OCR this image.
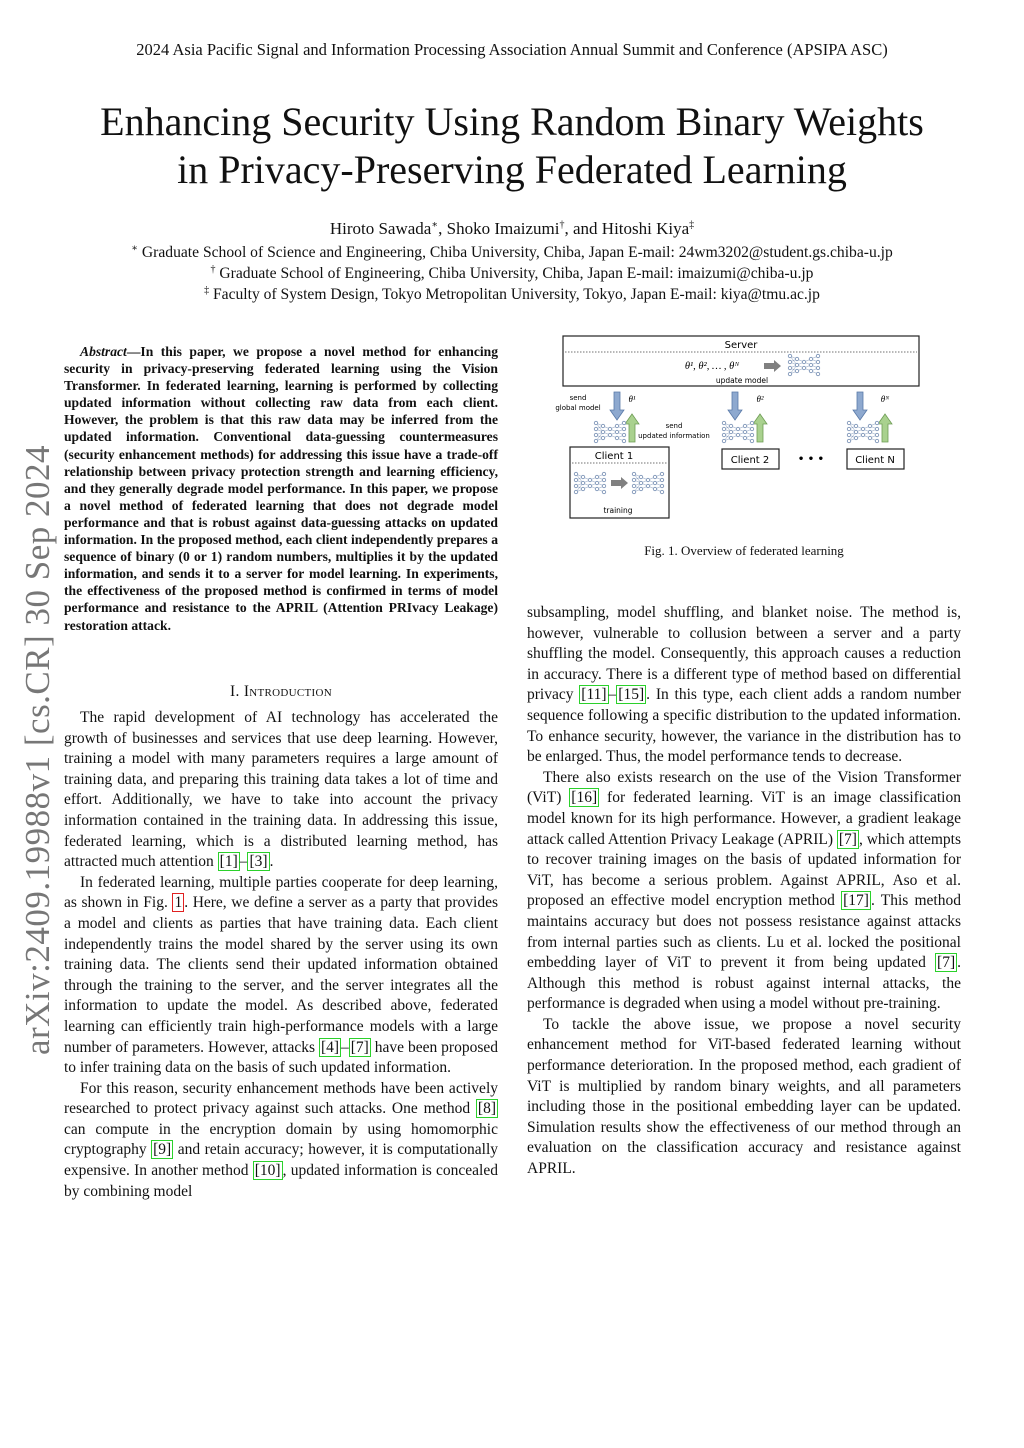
2024 Asia Pacific Signal and Information Processing Association Annual Summit and Conference (APSIPA ASC)
Enhancing Security Using Random Binary Weights
in Privacy-Preserving Federated Learning
Hiroto Sawada∗, Shoko Imaizumi†, and Hitoshi Kiya‡
∗ Graduate School of Science and Engineering, Chiba University, Chiba, Japan E-mail: 24wm3202@student.gs.chiba-u.jp
† Graduate School of Engineering, Chiba University, Chiba, Japan E-mail: imaizumi@chiba-u.jp
‡ Faculty of System Design, Tokyo Metropolitan University, Tokyo, Japan E-mail: kiya@tmu.ac.jp
arXiv:2409.19988v1 [cs.CR] 30 Sep 2024

Abstract—In this paper, we propose a novel method for enhancing security in privacy-preserving federated learning using the Vision Transformer. In federated learning, learning is performed by collecting updated information without collecting raw data from each client. However, the problem is that this raw data may be inferred from the updated information. Conventional data-guessing countermeasures (security enhancement methods) for addressing this issue have a trade-off relationship between privacy protection strength and learning efficiency, and they generally degrade model performance. In this paper, we propose a novel method of federated learning that does not degrade model performance and that is robust against data-guessing attacks on updated information. In the proposed method, each client independently prepares a sequence of binary (0 or 1) random numbers, multiplies it by the updated information, and sends it to a server for model learning. In experiments, the effectiveness of the proposed method is confirmed in terms of model performance and resistance to the APRIL (Attention PRIvacy Leakage) restoration attack.

I. Introduction

The rapid development of AI technology has accelerated the growth of businesses and services that use deep learning. However, training a model with many parameters requires a large amount of training data, and preparing this training data takes a lot of time and effort. Additionally, we have to take into account the privacy information contained in the training data. In addressing this issue, federated learning, which is a distributed learning method, has attracted much attention [1] – [3] .

In federated learning, multiple parties cooperate for deep learning, as shown in Fig. 1 . Here, we define a server as a party that provides a model and clients as parties that have training data. Each client independently trains the model shared by the server using its own training data. The clients send their updated information obtained through the training to the server, and the server integrates all the information to update the model. As described above, federated learning can efficiently train high-performance models with a large number of parameters. However, attacks [4] – [7] have been proposed to infer training data on the basis of such updated information.

For this reason, security enhancement methods have been actively researched to protect privacy against such attacks. One method [8] can compute in the encryption domain by using homomorphic cryptography [9] and retain accuracy; however, it is computationally expensive. In another method [10] , updated information is concealed by combining model

subsampling, model shuffling, and blanket noise. The method is, however, vulnerable to collusion between a server and a party shuffling the model. Consequently, this approach causes a reduction in accuracy. There is a different type of method based on differential privacy [11] – [15] . In this type, each client adds a random number sequence following a specific distribution to the updated information. To enhance security, however, the variance in the distribution has to be enlarged. Thus, the model performance tends to decrease.

There also exists research on the use of the Vision Transformer (ViT) [16] for federated learning. ViT is an image classification model known for its high performance. However, a gradient leakage attack called Attention Privacy Leakage (APRIL) [7] , which attempts to recover training images on the basis of updated information for ViT, has become a serious problem. Against APRIL, Aso et al. proposed an effective model encryption method [17] . This method maintains accuracy but does not possess resistance against attacks from internal parties such as clients. Lu et al. locked the positional embedding layer of ViT to prevent it from being updated [7] . Although this method is robust against internal attacks, the performance is degraded when using a model without pre-training.

To tackle the above issue, we propose a novel security enhancement method for ViT-based federated learning without performance deterioration. In the proposed method, each gradient of ViT is multiplied by random binary weights, and all parameters including those in the positional embedding layer can be updated. Simulation results show the effectiveness of our method through an evaluation on the classification accuracy and resistance against APRIL.

Server
θ¹, θ², … , θᴺ
update model
send
global model
θ¹
send
updated information
Client 1
training
θ²
Client 2	• • •
θᴺ
Client N
Fig. 1. Overview of federated learning
